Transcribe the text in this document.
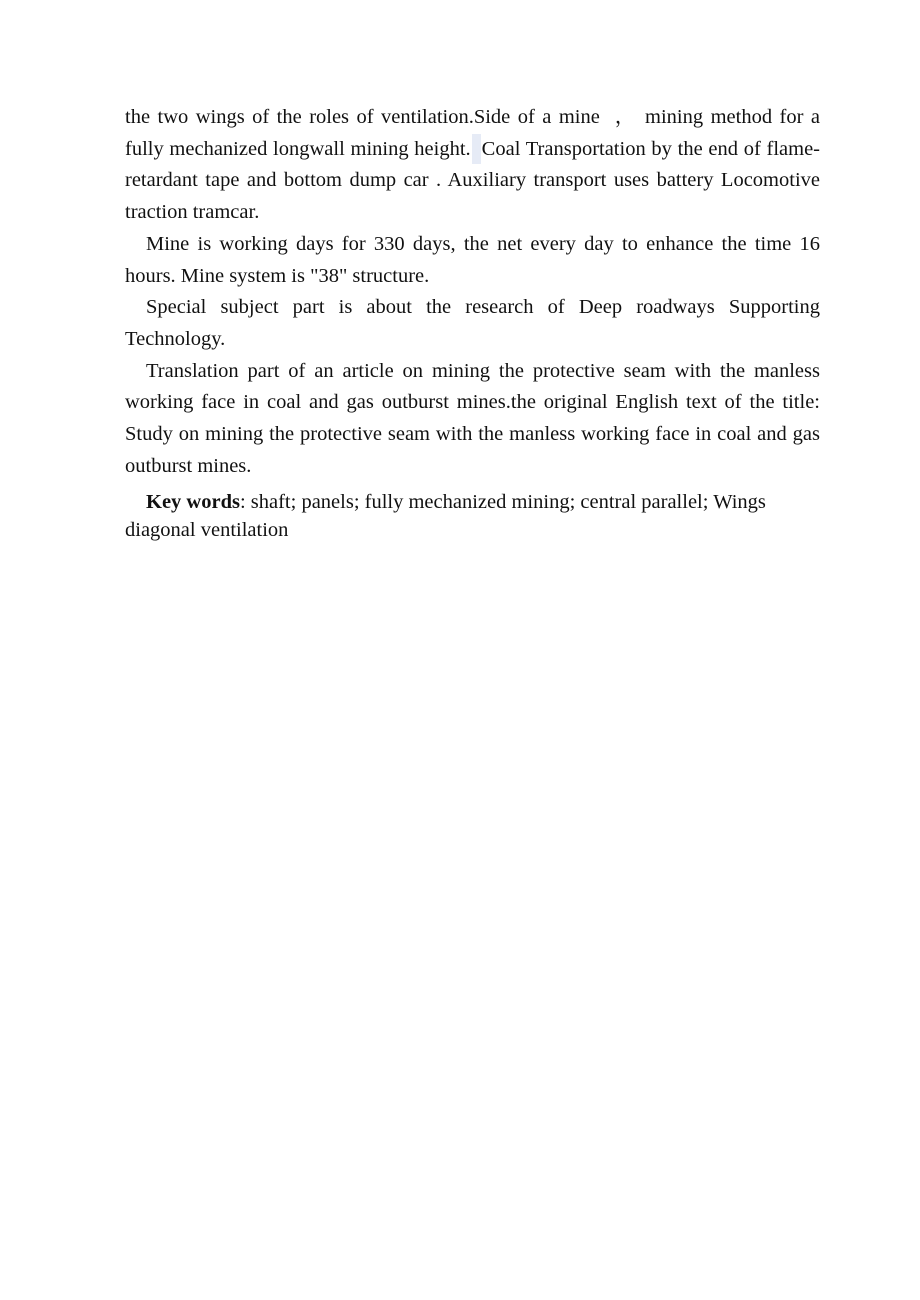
the two wings of the roles of ventilation.Side of a mine  ， mining method for a fully mechanized longwall mining height. Coal Transportation by the end of flame-retardant tape and bottom dump car . Auxiliary transport uses battery Locomotive traction tramcar.

Mine is working days for 330 days, the net every day to enhance the time 16 hours. Mine system is "38" structure.

Special subject part is about the research of Deep roadways Supporting Technology.

Translation part of an article on mining the protective seam with the manless working face in coal and gas outburst mines.the original English text of the title: Study on mining the protective seam with the manless working face in coal and gas outburst mines.

Key words: shaft; panels; fully mechanized mining; central parallel; Wings diagonal ventilation
